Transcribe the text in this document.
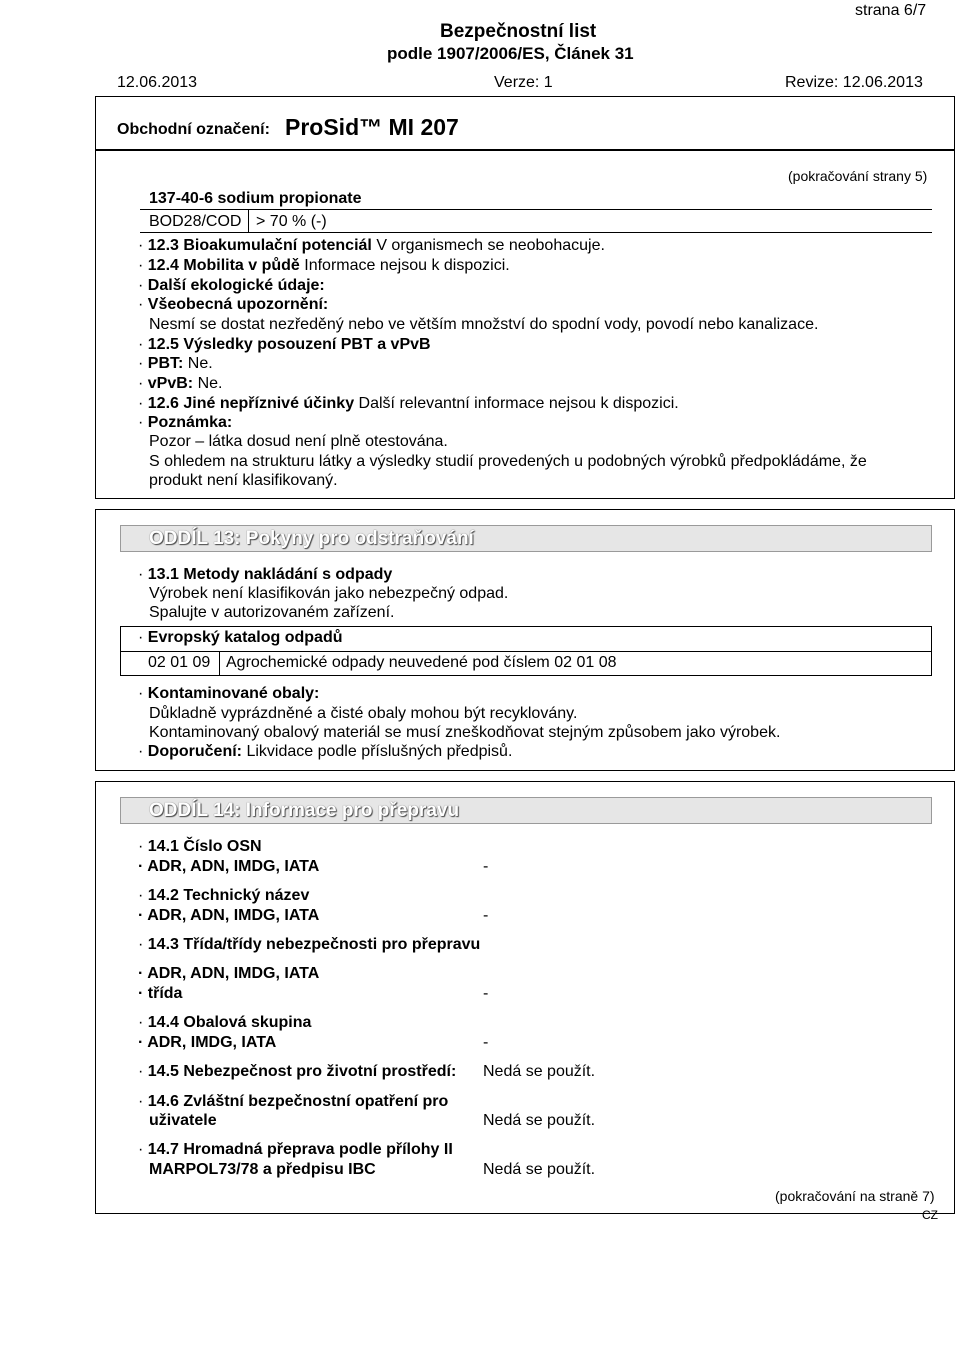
strana 6/7
Bezpečnostní list
podle 1907/2006/ES, Článek 31
12.06.2013	Verze: 1	Revize: 12.06.2013
Obchodní označení: ProSid™ MI 207
(pokračování strany 5)
137-40-6 sodium propionate
BOD28/COD > 70 % (-)
· 12.3 Bioakumulační potenciál V organismech se neobohacuje.
· 12.4 Mobilita v půdě Informace nejsou k dispozici.
· Další ekologické údaje:
· Všeobecná upozornění:
Nesmí se dostat nezředěný nebo ve větším množství do spodní vody, povodí nebo kanalizace.
· 12.5 Výsledky posouzení PBT a vPvB
· PBT: Ne.
· vPvB: Ne.
· 12.6 Jiné nepříznivé účinky Další relevantní informace nejsou k dispozici.
· Poznámka:
Pozor – látka dosud není plně otestována.
S ohledem na strukturu látky a výsledky studií provedených u podobných výrobků předpokládáme, že
produkt není klasifikovaný.
ODDÍL 13: Pokyny pro odstraňování
· 13.1 Metody nakládání s odpady
Výrobek není klasifikován jako nebezpečný odpad.
Spalujte v autorizovaném zařízení.
· Evropský katalog odpadů
02 01 09 Agrochemické odpady neuvedené pod číslem 02 01 08
· Kontaminované obaly:
Důkladně vyprázdněné a čisté obaly mohou být recyklovány.
Kontaminovaný obalový materiál se musí zneškodňovat stejným způsobem jako výrobek.
· Doporučení: Likvidace podle příslušných předpisů.
ODDÍL 14: Informace pro přepravu
· 14.1 Číslo OSN
· ADR, ADN, IMDG, IATA	-
· 14.2 Technický název
· ADR, ADN, IMDG, IATA	-
· 14.3 Třída/třídy nebezpečnosti pro přepravu
· ADR, ADN, IMDG, IATA
· třída	-
· 14.4 Obalová skupina
· ADR, IMDG, IATA	-
· 14.5 Nebezpečnost pro životní prostředí: Nedá se použít.
· 14.6 Zvláštní bezpečnostní opatření pro
uživatele	Nedá se použít.
· 14.7 Hromadná přeprava podle přílohy II
MARPOL73/78 a předpisu IBC	Nedá se použít.
(pokračování na straně 7)
CZ
